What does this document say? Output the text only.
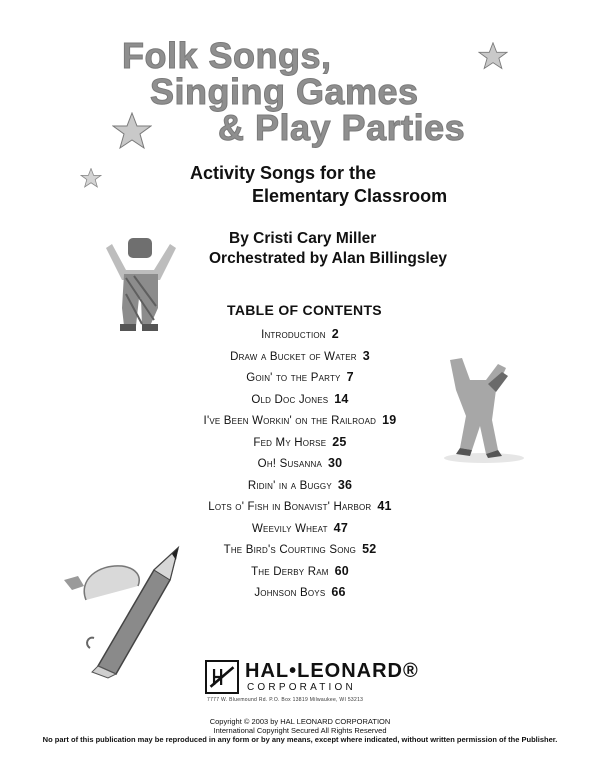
Folk Songs,
Singing Games
& Play Parties
Activity Songs for the
Elementary Classroom
By Cristi Cary Miller
Orchestrated by Alan Billingsley
TABLE OF CONTENTS
Introduction 2
Draw a Bucket of Water 3
Goin' to the Party 7
Old Doc Jones 14
I've Been Workin' on the Railroad 19
Fed My Horse 25
Oh! Susanna 30
Ridin' in a Buggy 36
Lots o' Fish in Bonavist' Harbor 41
Weevily Wheat 47
The Bird's Courting Song 52
The Derby Ram 60
Johnson Boys 66
HAL•LEONARD®
CORPORATION
7777 W. Bluemound Rd. P.O. Box 13819 Milwaukee, WI 53213
Copyright © 2003 by HAL LEONARD CORPORATION
International Copyright Secured All Rights Reserved
No part of this publication may be reproduced in any form or by any means, except where indicated, without written permission of the Publisher.
